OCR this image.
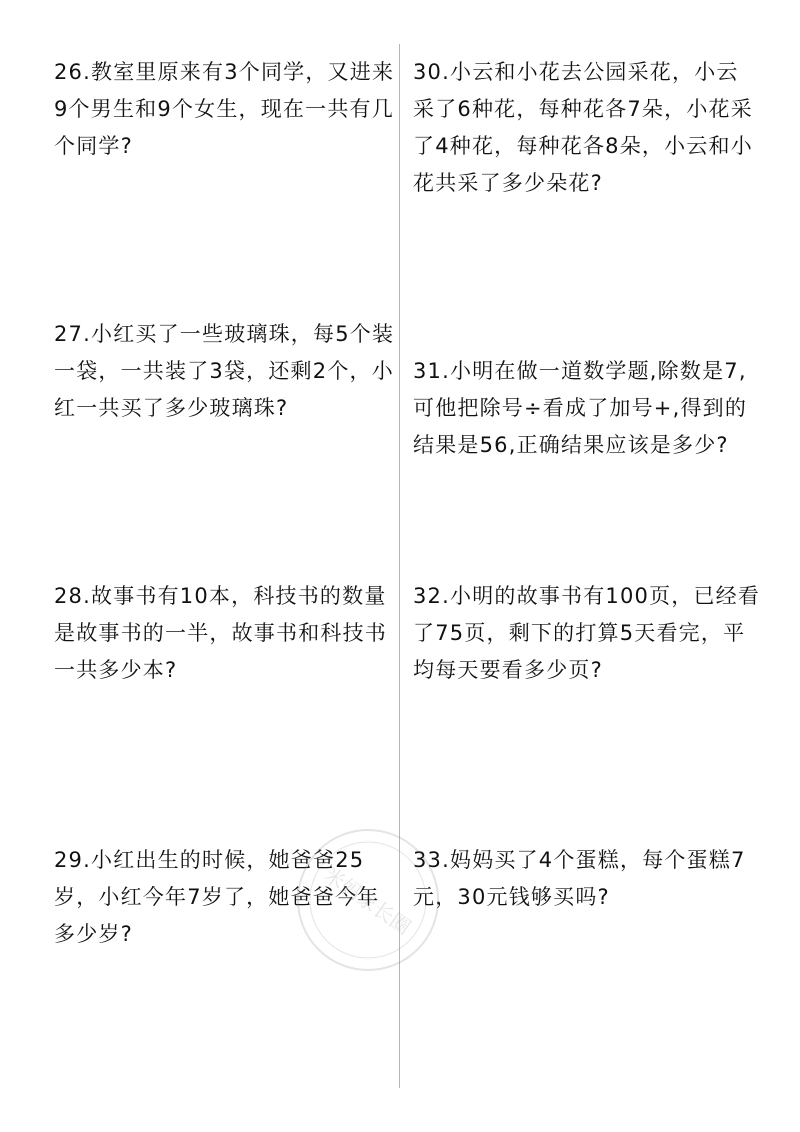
26.教室里原来有3个同学，又进来
9个男生和9个女生，现在一共有几
个同学?
27.小红买了一些玻璃珠，每5个装
一袋，一共装了3袋，还剩2个，小
红一共买了多少玻璃珠?
28.故事书有10本，科技书的数量
是故事书的一半，故事书和科技书
一共多少本?
29.小红出生的时候，她爸爸25
岁，小红今年7岁了，她爸爸今年
多少岁?
30.小云和小花去公园采花，小云
采了6种花，每种花各7朵，小花采
了4种花，每种花各8朵，小云和小
花共采了多少朵花?
31.小明在做一道数学题,除数是7,
可他把除号÷看成了加号+,得到的
结果是56,正确结果应该是多少?
32.小明的故事书有100页，已经看
了75页，剩下的打算5天看完，平
均每天要看多少页?
33.妈妈买了4个蛋糕，每个蛋糕7
元，30元钱够买吗?
米妈家长圈
